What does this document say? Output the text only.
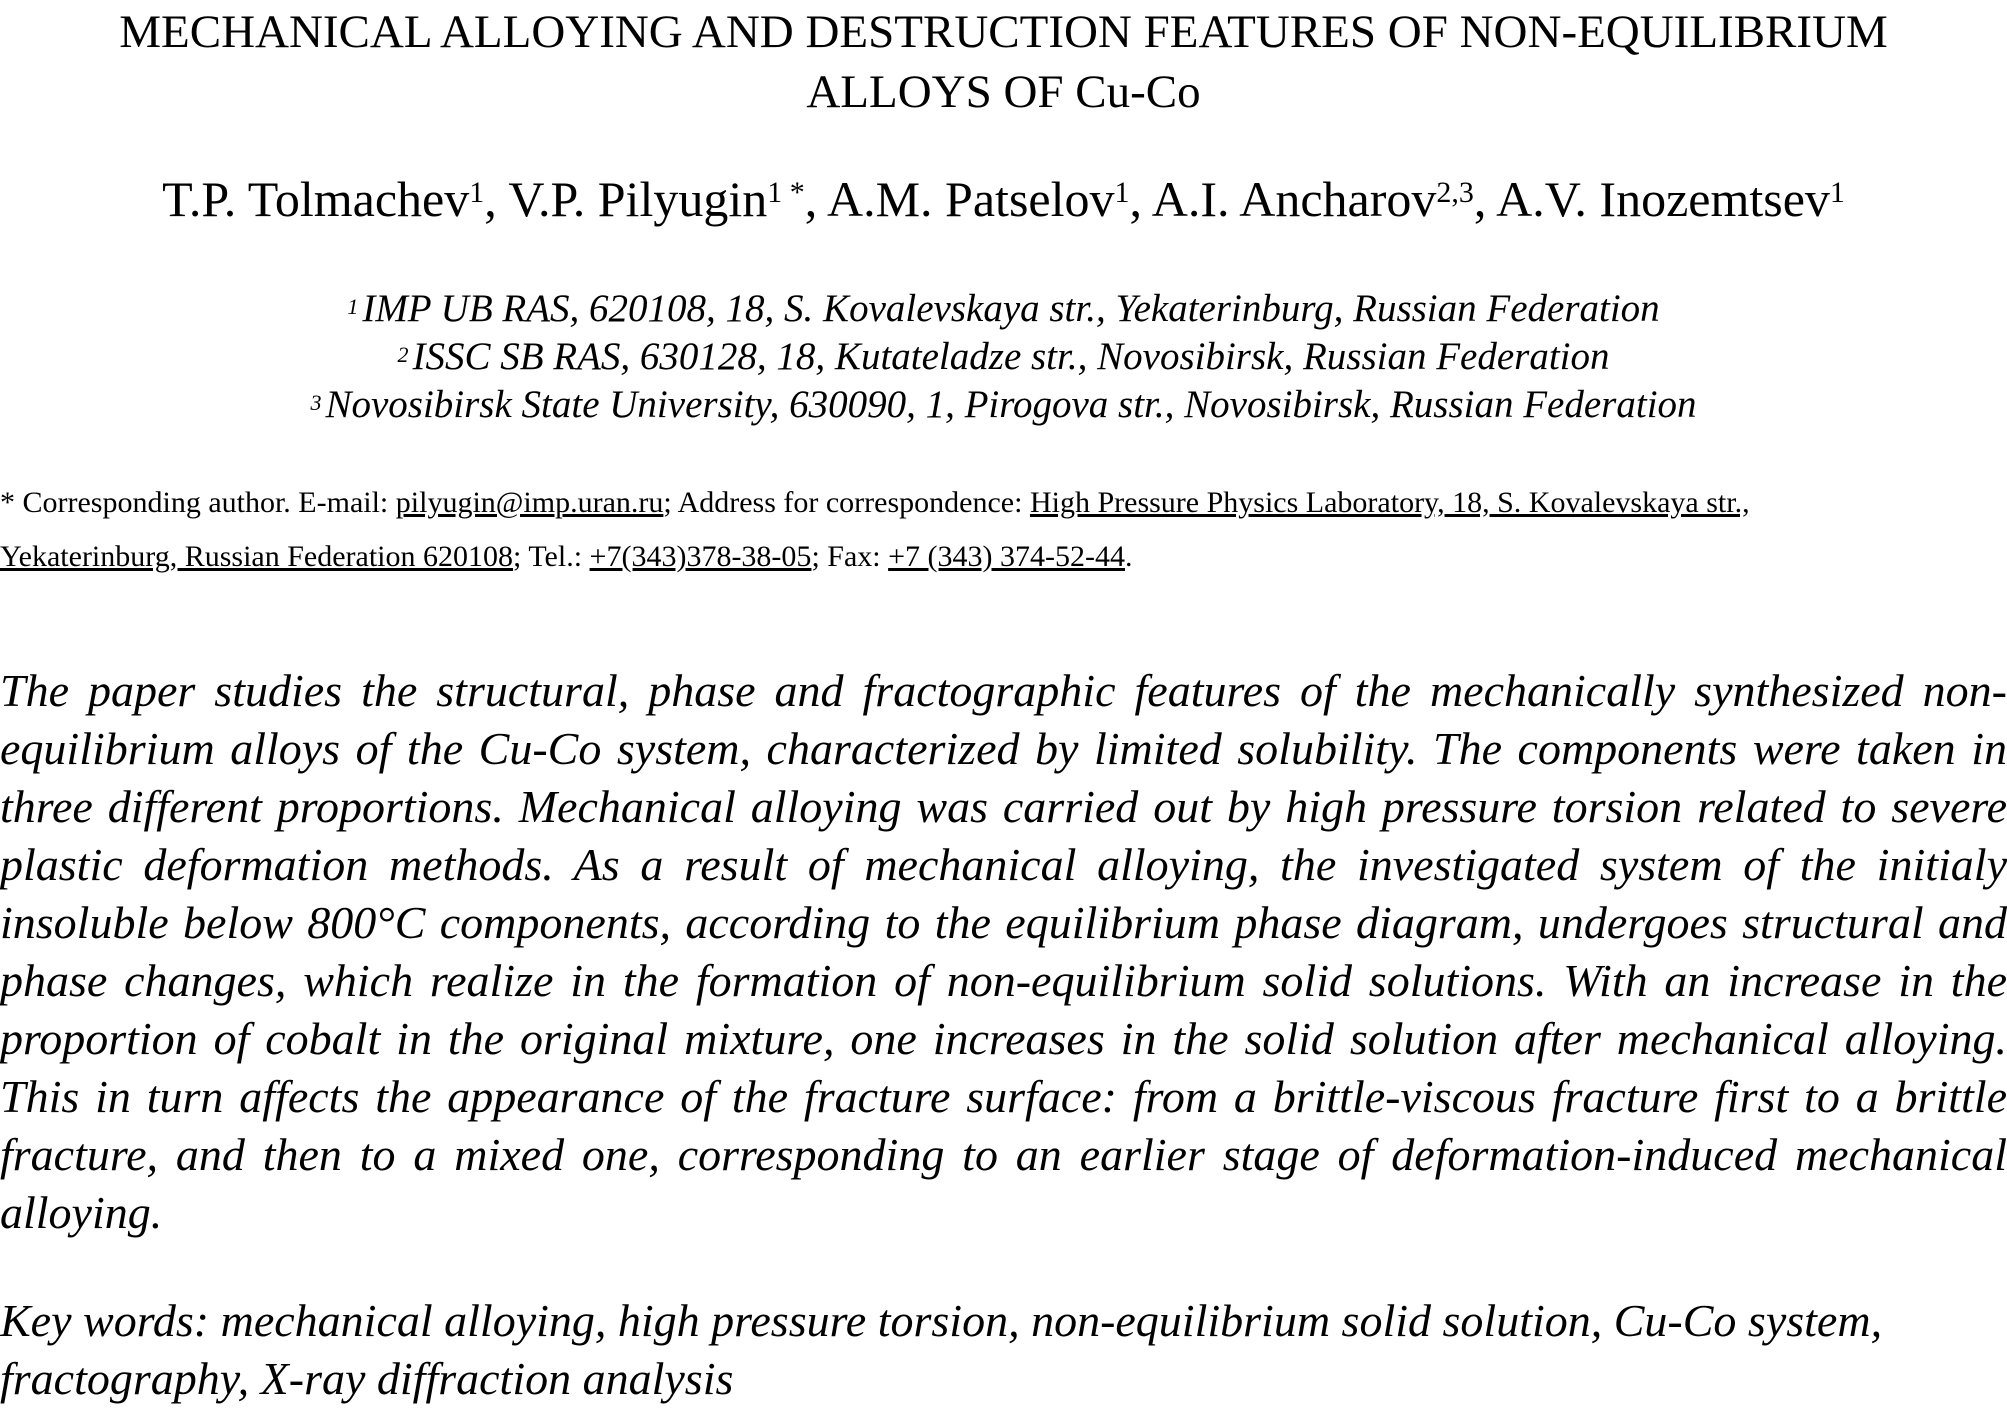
MECHANICAL ALLOYING AND DESTRUCTION FEATURES OF NON-EQUILIBRIUM
ALLOYS OF Cu-Co
T.P. Tolmachev$^1$, V.P. Pilyugin$^{1 *}$, A.M. Patselov$^1$, A.I. Ancharov$^{2,3}$, A.V. Inozemtsev$^1$
$^1$ IMP UB RAS, 620108, 18, S. Kovalevskaya str., Yekaterinburg, Russian Federation
$^2$ ISSC SB RAS, 630128, 18, Kutateladze str., Novosibirsk, Russian Federation
$^3$ Novosibirsk State University, 630090, 1, Pirogova str., Novosibirsk, Russian Federation
* Corresponding author. E-mail: pilyugin@imp.uran.ru; Address for correspondence: High Pressure Physics Laboratory, 18, S. Kovalevskaya str.,
Yekaterinburg, Russian Federation 620108; Tel.: +7(343)378-38-05; Fax: +7 (343) 374-52-44.

The paper studies the structural, phase and fractographic features of the mechanically synthesized non-equilibrium alloys of the Cu-Co system, characterized by limited solubility. The components were taken in three different proportions. Mechanical alloying was carried out by high pressure torsion related to severe plastic deformation methods. As a result of mechanical alloying, the investigated system of the initialy insoluble below 800°C components, according to the equilibrium phase diagram, undergoes structural and phase changes, which realize in the formation of non-equilibrium solid solutions. With an increase in the proportion of cobalt in the original mixture, one increases in the solid solution after mechanical alloying. This in turn affects the appearance of the fracture surface: from a brittle-viscous fracture first to a brittle fracture, and then to a mixed one, corresponding to an earlier stage of deformation-induced mechanical alloying.

Key words: mechanical alloying, high pressure torsion, non-equilibrium solid solution, Cu-Co system, fractography, X-ray diffraction analysis
